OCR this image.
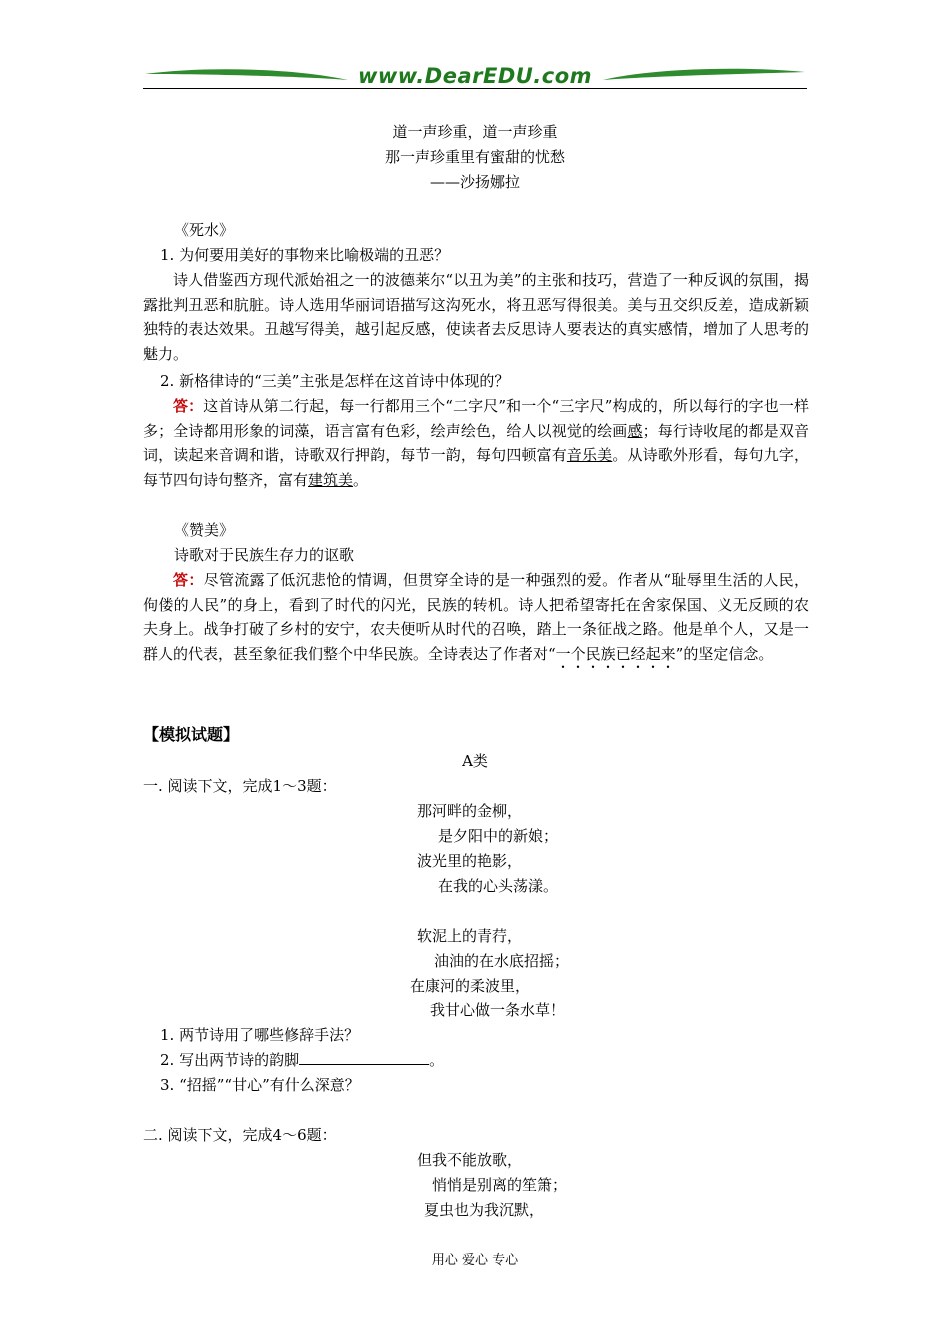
www.DearEDU.com
道一声珍重，道一声珍重
那一声珍重里有蜜甜的忧愁
——沙扬娜拉
《死水》
1. 为何要用美好的事物来比喻极端的丑恶？
诗人借鉴西方现代派始祖之一的波德莱尔“以丑为美”的主张和技巧，营造了一种反讽的氛围，揭露批判丑恶和肮脏。诗人选用华丽词语描写这沟死水，将丑恶写得很美。美与丑交织反差，造成新颖独特的表达效果。丑越写得美，越引起反感，使读者去反思诗人要表达的真实感情，增加了人思考的魅力。
2. 新格律诗的“三美”主张是怎样在这首诗中体现的？
答：这首诗从第二行起，每一行都用三个“二字尺”和一个“三字尺”构成的，所以每行的字也一样多；全诗都用形象的词藻，语言富有色彩，绘声绘色，给人以视觉的绘画感；每行诗收尾的都是双音词，读起来音调和谐，诗歌双行押韵，每节一韵，每句四顿富有音乐美。从诗歌外形看，每句九字，每节四句诗句整齐，富有建筑美。
《赞美》
诗歌对于民族生存力的讴歌
答：尽管流露了低沉悲怆的情调，但贯穿全诗的是一种强烈的爱。作者从“耻辱里生活的人民，佝偻的人民”的身上，看到了时代的闪光，民族的转机。诗人把希望寄托在舍家保国、义无反顾的农夫身上。战争打破了乡村的安宁，农夫便听从时代的召唤，踏上一条征战之路。他是单个人，又是一群人的代表，甚至象征我们整个中华民族。全诗表达了作者对“一个民族已经起来”的坚定信念。
【模拟试题】
A类
一. 阅读下文，完成1～3题：
那河畔的金柳，
是夕阳中的新娘；
波光里的艳影，
在我的心头荡漾。
软泥上的青荇，
油油的在水底招摇；
在康河的柔波里，
我甘心做一条水草！
1. 两节诗用了哪些修辞手法？
2. 写出两节诗的韵脚	。
3. “招摇”“甘心”有什么深意？
二. 阅读下文，完成4～6题：
但我不能放歌，
悄悄是别离的笙箫；
夏虫也为我沉默，
用心 爱心 专心
